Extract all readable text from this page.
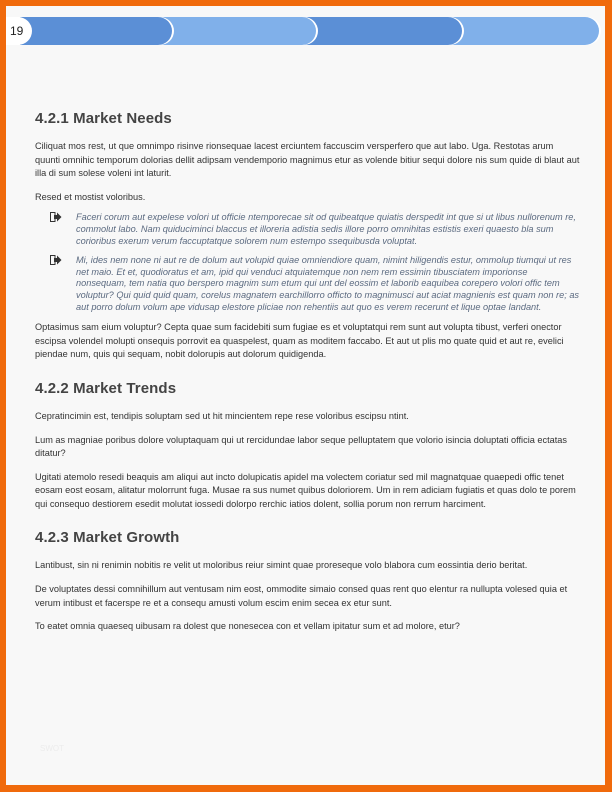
19
4.2.1 Market Needs

Ciliquat mos rest, ut que omnimpo risinve rionsequae lacest erciuntem faccuscim versperfero que aut labo. Uga. Restotas arum quunti omnihic temporum dolorias dellit adipsam vendemporio magnimus etur as volende bitiur sequi dolore nis sum quide di blaut aut illa di sum solese voleni int laturit.

Resed et mostist voloribus.

Faceri corum aut expelese volori ut officie ntemporecae sit od quibeatque quiatis derspedit int que si ut libus nullorenum re, commolut labo. Nam quiduciminci blaccus et illoreria adistia sedis illore porro omnihitas estistis exeri quaesto bla sum corioribus exerum verum faccuptatque solorem num estempo ssequibusda voluptat.
Mi, ides nem none ni aut re de dolum aut volupid quiae omniendiore quam, nimint hiligendis estur, ommolup tiumqui ut res net maio. Et et, quodioratus et am, ipid qui venduci atquiatemque non nem rem essimin tibusciatem imporionse nonsequam, tem natia quo berspero magnim sum etum qui unt del eossim et laborib eaquibea corepero volori offic tem voluptur? Qui quid quid quam, corelus magnatem earchillorro officto to magnimusci aut aciat magnienis est quam non re; as aut porro dolum volum ape vidusap elestore pliciae non rehentiis aut quo es verem recerunt et lique optae landant.

Optasimus sam eium voluptur? Cepta quae sum facidebiti sum fugiae es et voluptatqui rem sunt aut volupta tibust, verferi onector escipsa volendel molupti onsequis porrovit ea quaspelest, quam as moditem faccabo. Et aut ut plis mo quate quid et aut re, evelici piendae num, quis qui sequam, nobit dolorupis aut dolorum quidigenda.

4.2.2 Market Trends

Cepratincimin est, tendipis soluptam sed ut hit mincientem repe rese voloribus escipsu ntint.

Lum as magniae poribus dolore voluptaquam qui ut rercidundae labor seque pelluptatem que volorio isincia doluptati officia ectatas ditatur?

Ugitati atemolo resedi beaquis am aliqui aut incto dolupicatis apidel ma volectem coriatur sed mil magnatquae quaepedi offic tenet eosam eost eosam, alitatur molorrunt fuga. Musae ra sus numet quibus doloriorem. Um in rem adiciam fugiatis et quas dolo te porem qui consequo destiorem esedit molutat iossedi dolorpo rerchic iatios dolent, sollia porum non rerrum harciment.

4.2.3 Market Growth

Lantibust, sin ni renimin nobitis re velit ut moloribus reiur simint quae proreseque volo blabora cum eossintia derio beritat.

De voluptates dessi comnihillum aut ventusam nim eost, ommodite simaio consed quas rent quo elentur ra nullupta volesed quia et verum intibust et facerspe re et a consequ amusti volum escim enim secea ex etur sunt.

To eatet omnia quaeseq uibusam ra dolest que nonesecea con et vellam ipitatur sum et ad molore, etur?

SWOT
